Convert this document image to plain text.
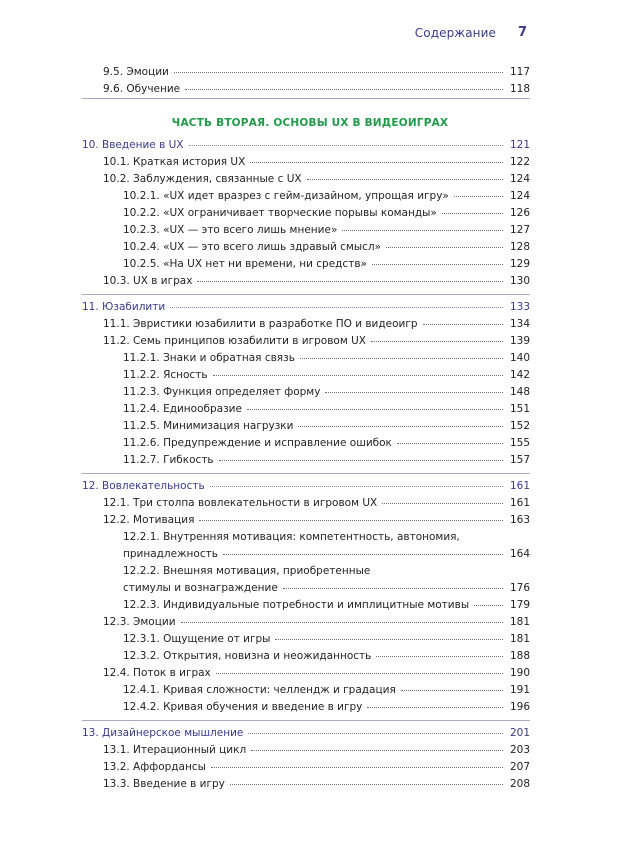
Содержание 7
9.5. Эмоции	117
9.6. Обучение	118
ЧАСТЬ ВТОРАЯ. ОСНОВЫ UX В ВИДЕОИГРАХ
10. Введение в UX	121
10.1. Краткая история UX	122
10.2. Заблуждения, связанные с UX	124
10.2.1. «UX идет вразрез с гейм-дизайном, упрощая игру»	124
10.2.2. «UX ограничивает творческие порывы команды»	126
10.2.3. «UX — это всего лишь мнение»	127
10.2.4. «UX — это всего лишь здравый смысл»	128
10.2.5. «На UX нет ни времени, ни средств»	129
10.3. UX в играх	130
11. Юзабилити	133
11.1. Эвристики юзабилити в разработке ПО и видеоигр	134
11.2. Семь принципов юзабилити в игровом UX	139
11.2.1. Знаки и обратная связь	140
11.2.2. Ясность	142
11.2.3. Функция определяет форму	148
11.2.4. Единообразие	151
11.2.5. Минимизация нагрузки	152
11.2.6. Предупреждение и исправление ошибок	155
11.2.7. Гибкость	157
12. Вовлекательность	161
12.1. Три столпа вовлекательности в игровом UX	161
12.2. Мотивация	163
12.2.1. Внутренняя мотивация: компетентность, автономия,
принадлежность	164
12.2.2. Внешняя мотивация, приобретенные
стимулы и вознаграждение	176
12.2.3. Индивидуальные потребности и имплицитные мотивы	179
12.3. Эмоции	181
12.3.1. Ощущение от игры	181
12.3.2. Открытия, новизна и неожиданность	188
12.4. Поток в играх	190
12.4.1. Кривая сложности: челлендж и градация	191
12.4.2. Кривая обучения и введение в игру	196
13. Дизайнерское мышление	201
13.1. Итерационный цикл	203
13.2. Аффордансы	207
13.3. Введение в игру	208
